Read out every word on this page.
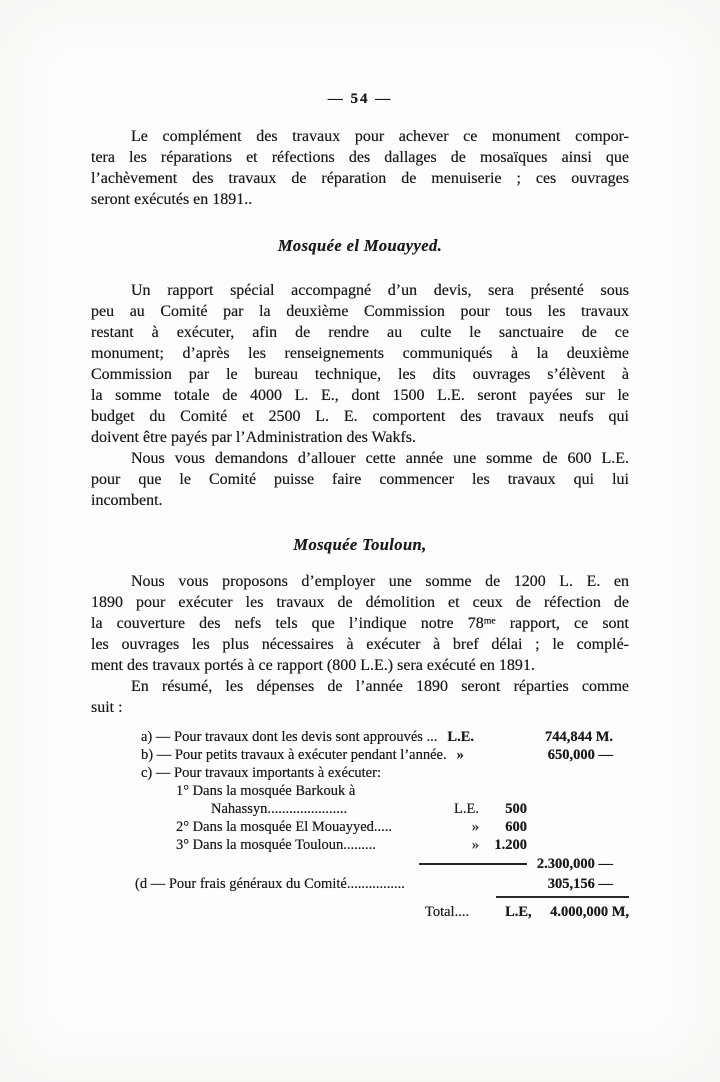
— 54 —
Le complément des travaux pour achever ce monument compor-
tera les réparations et réfections des dallages de mosaïques ainsi que
l’achèvement des travaux de réparation de menuiserie ; ces ouvrages
seront exécutés en 1891..
Mosquée el Mouayyed.
Un rapport spécial accompagné d’un devis, sera présenté sous
peu au Comité par la deuxième Commission pour tous les travaux
restant à exécuter, afin de rendre au culte le sanctuaire de ce
monument; d’après les renseignements communiqués à la deuxième
Commission par le bureau technique, les dits ouvrages s’élèvent à
la somme totale de 4000 L. E., dont 1500 L.E. seront payées sur le
budget du Comité et 2500 L. E. comportent des travaux neufs qui
doivent être payés par l’Administration des Wakfs.
Nous vous demandons d’allouer cette année une somme de 600 L.E.
pour que le Comité puisse faire commencer les travaux qui lui
incombent.
Mosquée Touloun,
Nous vous proposons d’employer une somme de 1200 L. E. en
1890 pour exécuter les travaux de démolition et ceux de réfection de
la couverture des nefs tels que l’indique notre 78ᵐᵉ rapport, ce sont
les ouvrages les plus nécessaires à exécuter à bref délai ; le complé-
ment des travaux portés à ce rapport (800 L.E.) sera exécuté en 1891.
En résumé, les dépenses de l’année 1890 seront réparties comme
suit :
a) — Pour travaux dont les devis sont approuvés ... L.E.	744,844 M.
b) — Pour petits travaux à exécuter pendant l’année. »	650,000 —
c) — Pour travaux importants à exécuter:
1° Dans la mosquée Barkouk à
Nahassyn......................	L.E.	500
2° Dans la mosquée El Mouayyed.....	»	600
3° Dans la mosquée Touloun.........	»	1.200
2.300,000 —
(d — Pour frais généraux du Comité................	305,156 —
Total.... L.E, 4.000,000 M,
